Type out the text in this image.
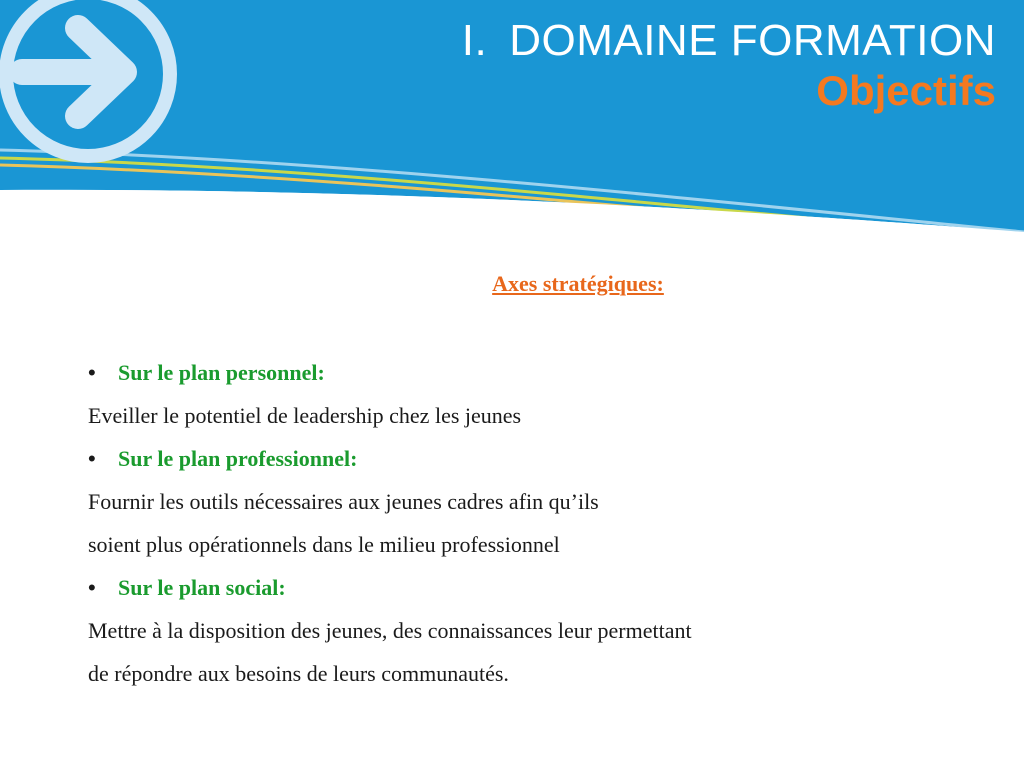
I. DOMAINE FORMATION
Objectifs
Axes stratégiques:
• Sur le plan personnel:
Eveiller le potentiel de leadership chez les jeunes
• Sur le plan professionnel:
Fournir les outils nécessaires aux jeunes cadres afin qu’ils
soient plus opérationnels dans le milieu professionnel
• Sur le plan social:
Mettre à la disposition des jeunes, des connaissances leur permettant
de répondre aux besoins de leurs communautés.
